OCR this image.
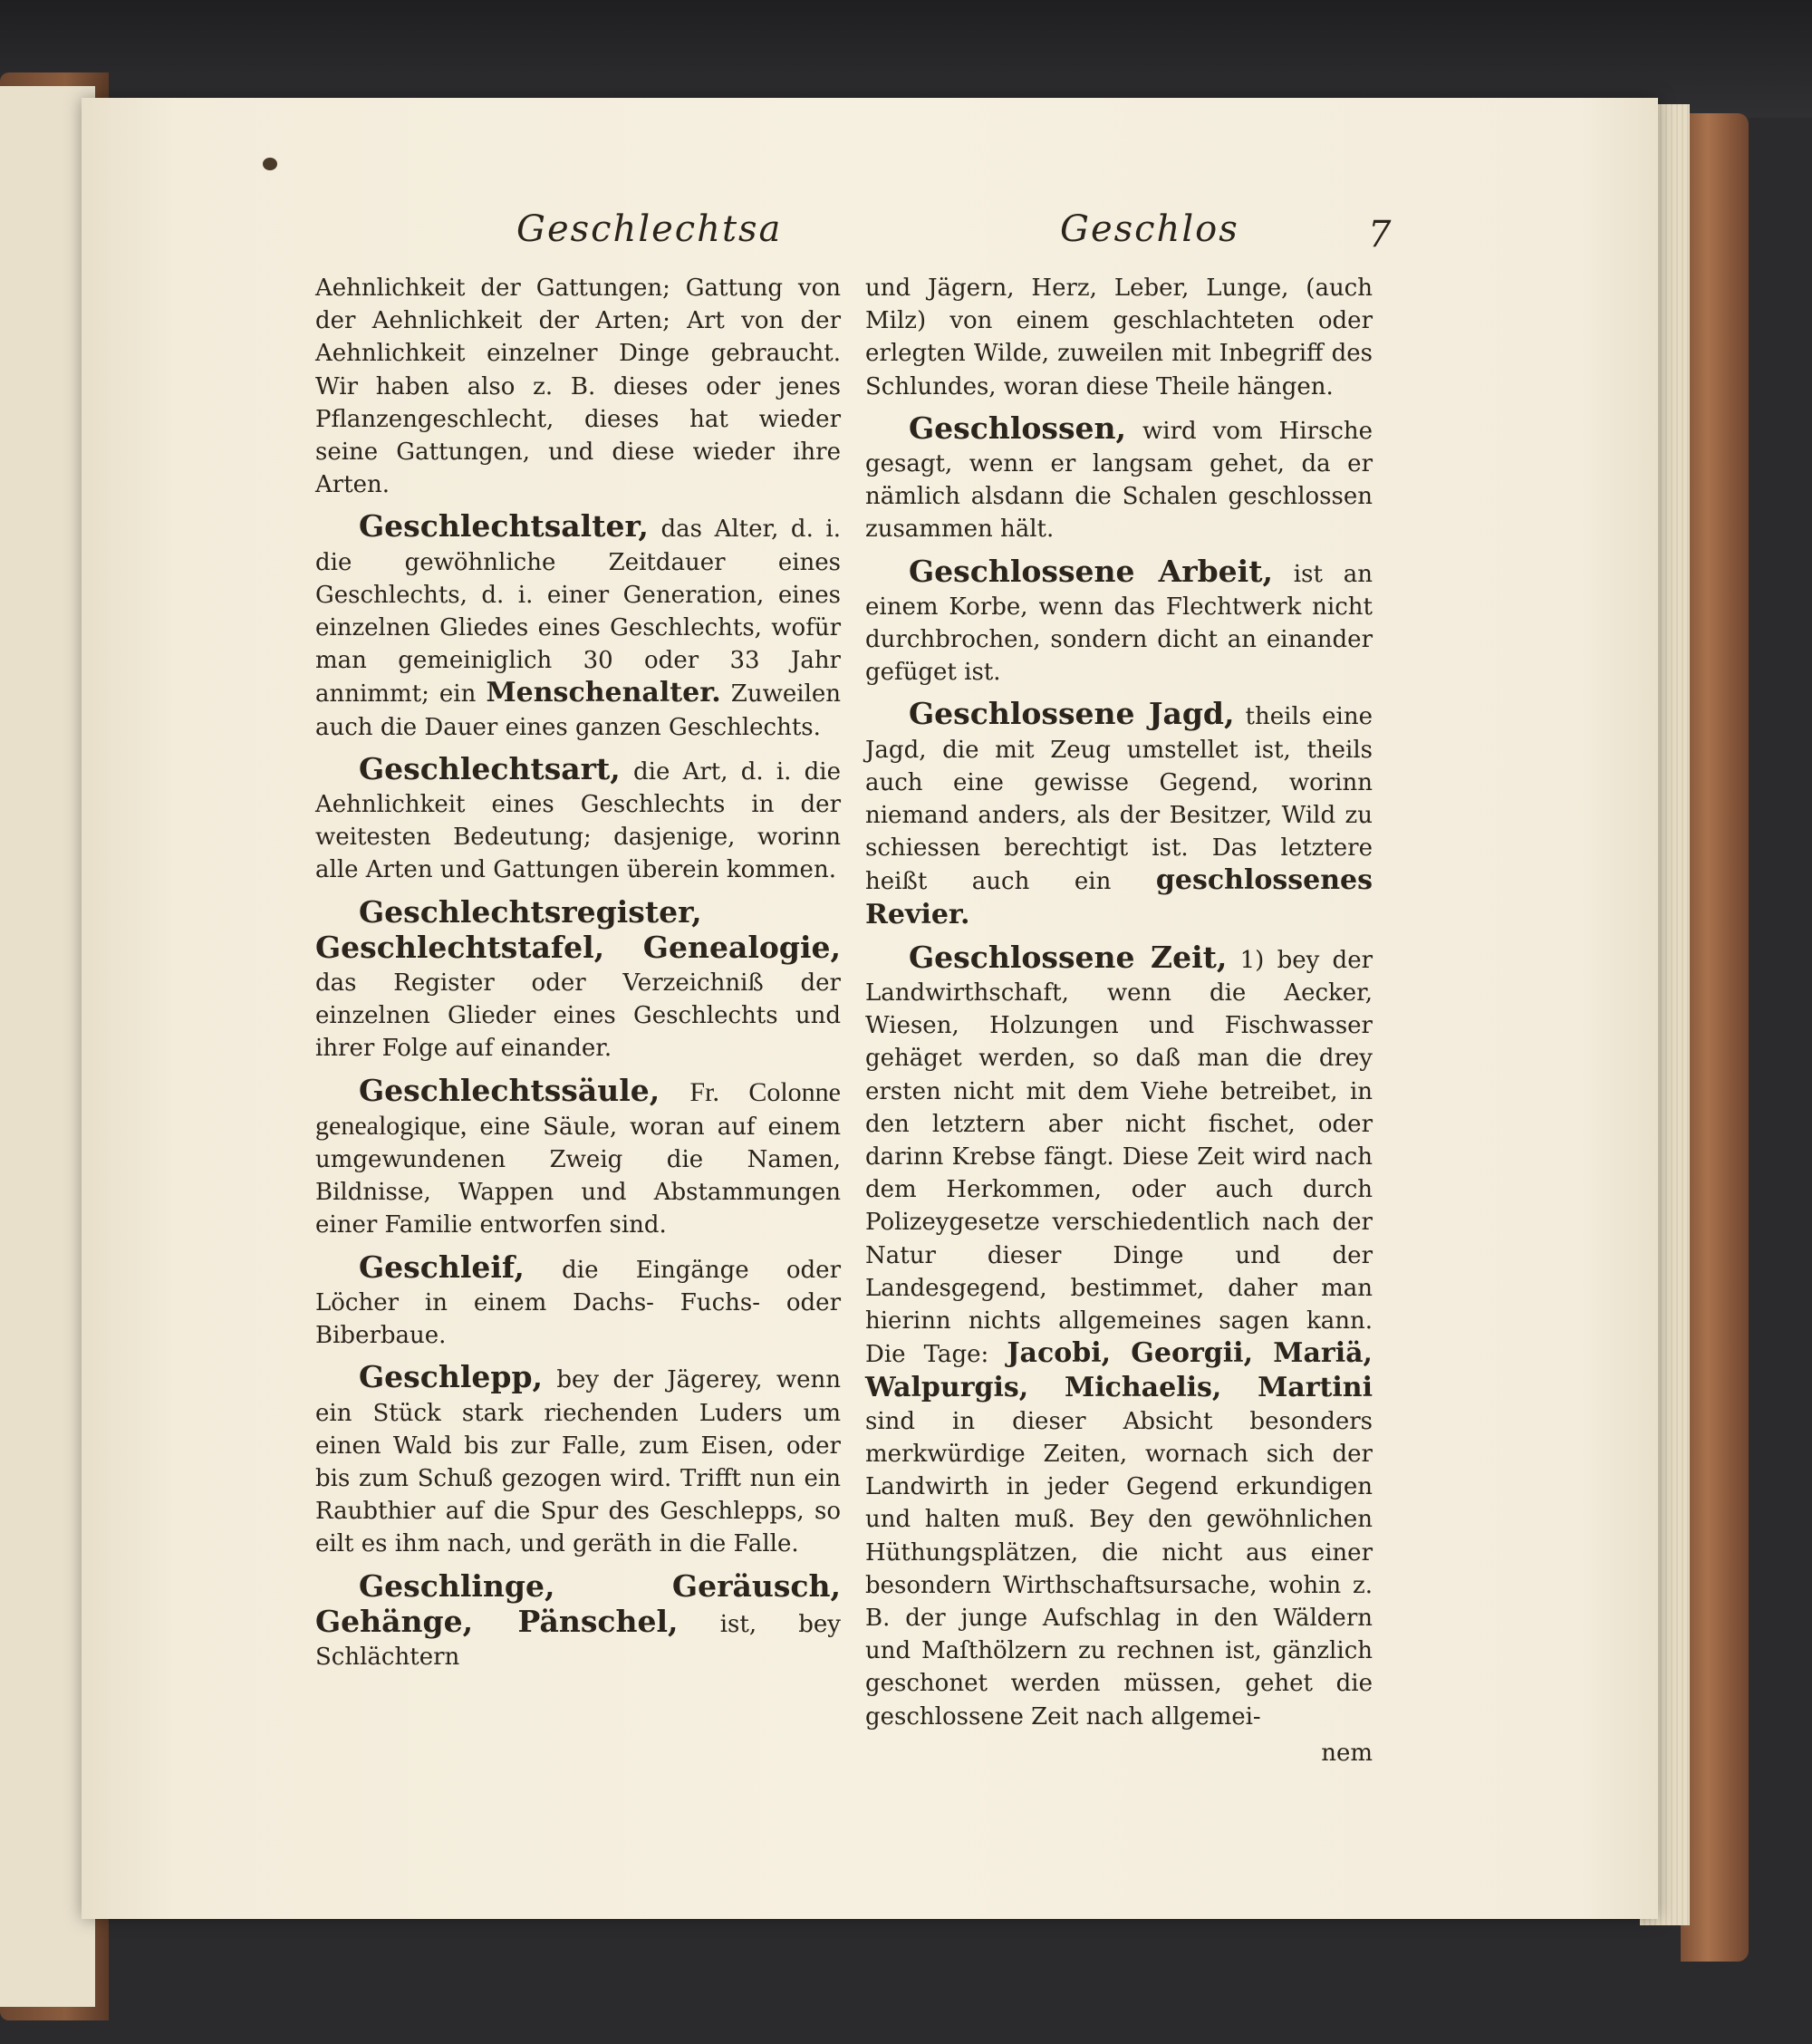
Geschlechtsa	Geschlos	7

Aehnlichkeit der Gattungen; Gattung von der Aehnlichkeit der Arten; Art von der Aehnlichkeit einzelner Dinge gebraucht. Wir haben also z. B. dieses oder jenes Pflanzengeschlecht, dieses hat wieder seine Gattungen, und diese wieder ihre Arten.

Geschlechtsalter, das Alter, d. i. die gewöhnliche Zeitdauer eines Geschlechts, d. i. einer Generation, eines einzelnen Gliedes eines Geschlechts, wofür man gemeiniglich 30 oder 33 Jahr annimmt; ein Menschenalter. Zuweilen auch die Dauer eines ganzen Geschlechts.

Geschlechtsart, die Art, d. i. die Aehnlichkeit eines Geschlechts in der weitesten Bedeutung; dasjenige, worinn alle Arten und Gattungen überein kommen.

Geschlechtsregister, Geschlechtstafel, Genealogie, das Register oder Verzeichniß der einzelnen Glieder eines Geschlechts und ihrer Folge auf einander.

Geschlechtssäule, Fr. Colonne genealogique, eine Säule, woran auf einem umgewundenen Zweig die Namen, Bildnisse, Wappen und Abstammungen einer Familie entworfen sind.

Geschleif, die Eingänge oder Löcher in einem Dachs- Fuchs- oder Biberbaue.

Geschlepp, bey der Jägerey, wenn ein Stück stark riechenden Luders um einen Wald bis zur Falle, zum Eisen, oder bis zum Schuß gezogen wird. Trifft nun ein Raubthier auf die Spur des Geschlepps, so eilt es ihm nach, und geräth in die Falle.

Geschlinge, Geräusch, Gehänge, Pänschel, ist, bey Schlächtern

und Jägern, Herz, Leber, Lunge, (auch Milz) von einem geschlachteten oder erlegten Wilde, zuweilen mit Inbegriff des Schlundes, woran diese Theile hängen.

Geschlossen, wird vom Hirsche gesagt, wenn er langsam gehet, da er nämlich alsdann die Schalen geschlossen zusammen hält.

Geschlossene Arbeit, ist an einem Korbe, wenn das Flechtwerk nicht durchbrochen, sondern dicht an einander gefüget ist.

Geschlossene Jagd, theils eine Jagd, die mit Zeug umstellet ist, theils auch eine gewisse Gegend, worinn niemand anders, als der Besitzer, Wild zu schiessen berechtigt ist. Das letztere heißt auch ein geschlossenes Revier.

Geschlossene Zeit, 1) bey der Landwirthschaft, wenn die Aecker, Wiesen, Holzungen und Fischwasser gehäget werden, so daß man die drey ersten nicht mit dem Viehe betreibet, in den letztern aber nicht fischet, oder darinn Krebse fängt. Diese Zeit wird nach dem Herkommen, oder auch durch Polizeygesetze verschiedentlich nach der Natur dieser Dinge und der Landesgegend, bestimmet, daher man hierinn nichts allgemeines sagen kann. Die Tage: Jacobi, Georgii, Mariä, Walpurgis, Michaelis, Martini sind in dieser Absicht besonders merkwürdige Zeiten, wornach sich der Landwirth in jeder Gegend erkundigen und halten muß. Bey den gewöhnlichen Hüthungsplätzen, die nicht aus einer besondern Wirthschaftsursache, wohin z. B. der junge Aufschlag in den Wäldern und Maſthölzern zu rechnen ist, gänzlich geschonet werden müssen, gehet die geschlossene Zeit nach allgemei-

nem
